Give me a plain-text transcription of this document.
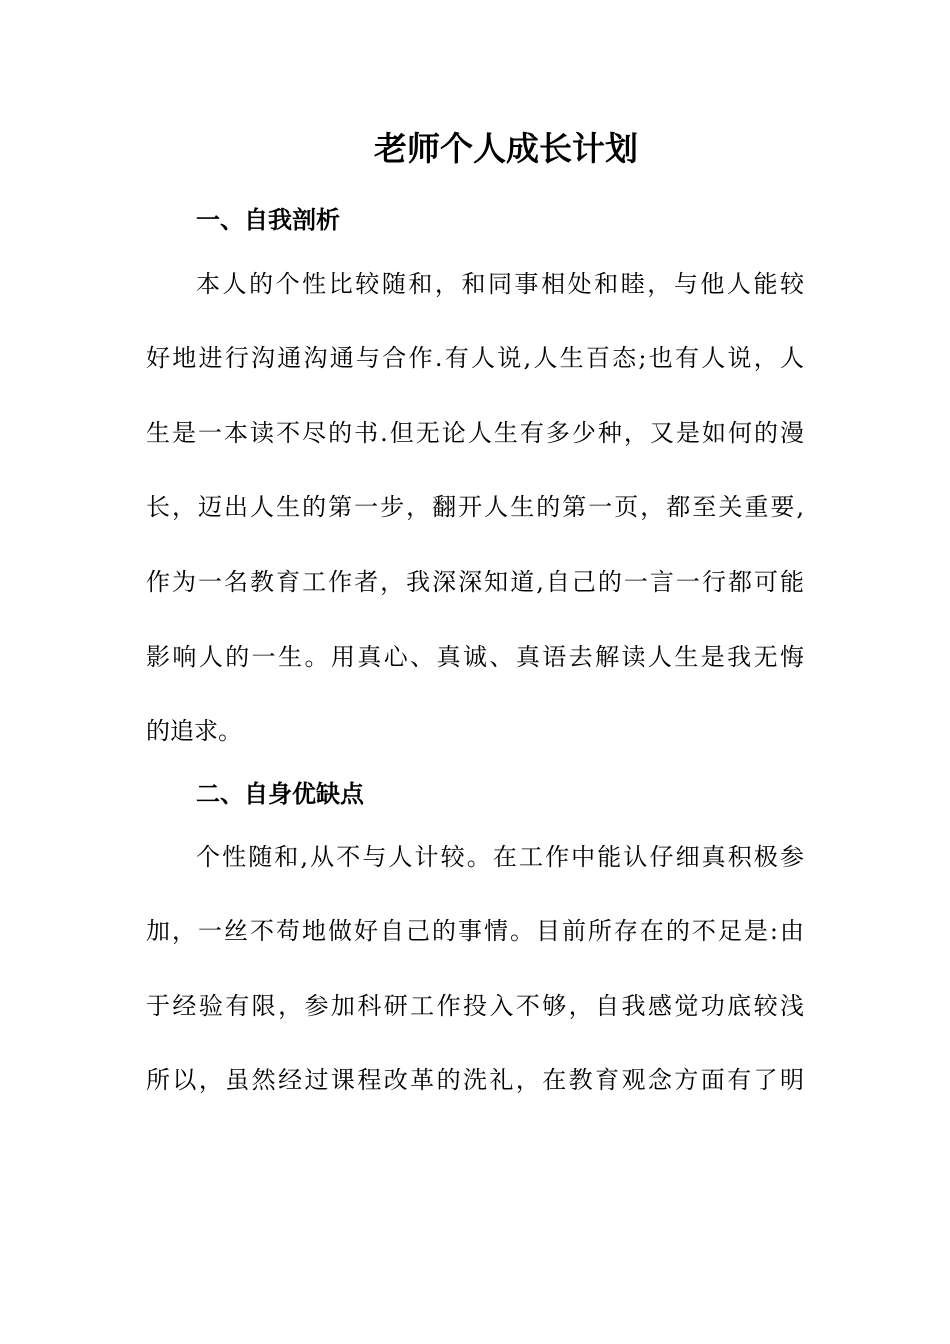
老师个人成长计划
一、自我剖析
本人的个性比较随和，和同事相处和睦，与他人能较
好地进行沟通沟通与合作.有人说,人生百态;也有人说，人
生是一本读不尽的书.但无论人生有多少种，又是如何的漫
长，迈出人生的第一步，翻开人生的第一页，都至关重要,
作为一名教育工作者，我深深知道,自己的一言一行都可能
影响人的一生。用真心、真诚、真语去解读人生是我无悔
的追求。
二、自身优缺点
个性随和,从不与人计较。在工作中能认仔细真积极参
加，一丝不苟地做好自己的事情。目前所存在的不足是:由
于经验有限，参加科研工作投入不够，自我感觉功底较浅
所以，虽然经过课程改革的洗礼，在教育观念方面有了明
